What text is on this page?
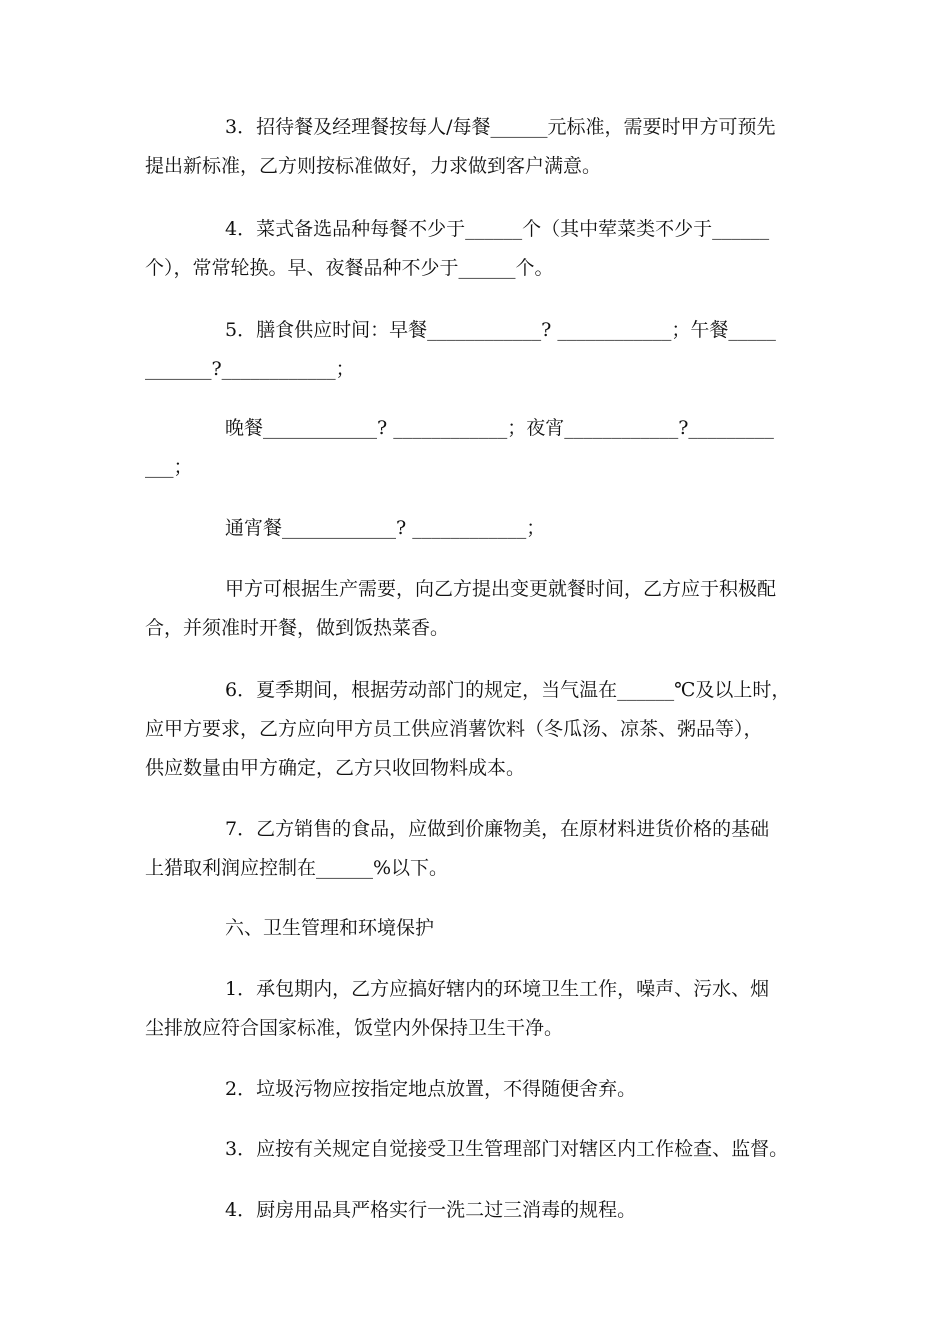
3．招待餐及经理餐按每人/每餐______元标准，需要时甲方可预先
提出新标准，乙方则按标准做好，力求做到客户满意。
4．菜式备选品种每餐不少于______个（其中荤菜类不少于______
个），常常轮换。早、夜餐品种不少于______个。
5．膳食供应时间：早餐____________? ____________；午餐_____
_______?____________；
晚餐____________? ____________；夜宵____________?_________
___；
通宵餐____________? ____________；
甲方可根据生产需要，向乙方提出变更就餐时间，乙方应于积极配
合，并须准时开餐，做到饭热菜香。
6．夏季期间，根据劳动部门的规定，当气温在______℃及以上时，
应甲方要求，乙方应向甲方员工供应消薯饮料（冬瓜汤、凉茶、粥品等），
供应数量由甲方确定，乙方只收回物料成本。
7．乙方销售的食品，应做到价廉物美，在原材料进货价格的基础
上猎取利润应控制在______%以下。
六、卫生管理和环境保护
1．承包期内，乙方应搞好辖内的环境卫生工作，噪声、污水、烟
尘排放应符合国家标准，饭堂内外保持卫生干净。
2．垃圾污物应按指定地点放置，不得随便舍弃。
3．应按有关规定自觉接受卫生管理部门对辖区内工作检查、监督。
4．厨房用品具严格实行一洗二过三消毒的规程。
